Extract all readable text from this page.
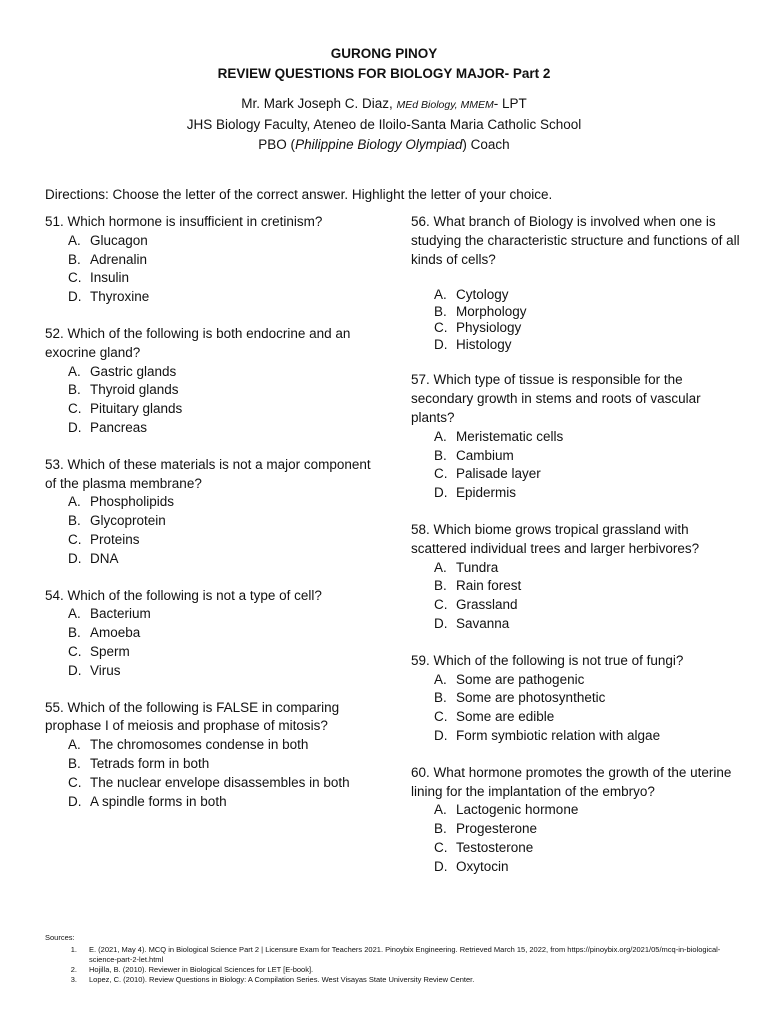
GURONG PINOY
REVIEW QUESTIONS FOR BIOLOGY MAJOR- Part 2
Mr. Mark Joseph C. Diaz, MEd Biology, MMEM- LPT
JHS Biology Faculty, Ateneo de Iloilo-Santa Maria Catholic School
PBO (Philippine Biology Olympiad) Coach
Directions: Choose the letter of the correct answer. Highlight the letter of your choice.

51. Which hormone is insufficient in cretinism?

A. Glucagon
B. Adrenalin
C. Insulin
D. Thyroxine

52. Which of the following is both endocrine and an exocrine gland?

A. Gastric glands
B. Thyroid glands
C. Pituitary glands
D. Pancreas

53. Which of these materials is not a major component of the plasma membrane?

A. Phospholipids
B. Glycoprotein
C. Proteins
D. DNA

54. Which of the following is not a type of cell?

A. Bacterium
B. Amoeba
C. Sperm
D. Virus

55. Which of the following is FALSE in comparing prophase I of meiosis and prophase of mitosis?

A. The chromosomes condense in both
B. Tetrads form in both
C. The nuclear envelope disassembles in both
D. A spindle forms in both

56. What branch of Biology is involved when one is studying the characteristic structure and functions of all kinds of cells?

A. Cytology
B. Morphology
C. Physiology
D. Histology

57. Which type of tissue is responsible for the secondary growth in stems and roots of vascular plants?

A. Meristematic cells
B. Cambium
C. Palisade layer
D. Epidermis

58. Which biome grows tropical grassland with scattered individual trees and larger herbivores?

A. Tundra
B. Rain forest
C. Grassland
D. Savanna

59. Which of the following is not true of fungi?

A. Some are pathogenic
B. Some are photosynthetic
C. Some are edible
D. Form symbiotic relation with algae

60. What hormone promotes the growth of the uterine lining for the implantation of the embryo?

A. Lactogenic hormone
B. Progesterone
C. Testosterone
D. Oxytocin
Sources:
1.	E. (2021, May 4). MCQ in Biological Science Part 2 | Licensure Exam for Teachers 2021. Pinoybix Engineering. Retrieved March 15, 2022, from https://pinoybix.org/2021/05/mcq-in-biological-science-part-2-let.html
2.	Hojilla, B. (2010). Reviewer in Biological Sciences for LET [E-book].
3.	Lopez, C. (2010). Review Questions in Biology: A Compilation Series. West Visayas State University Review Center.
